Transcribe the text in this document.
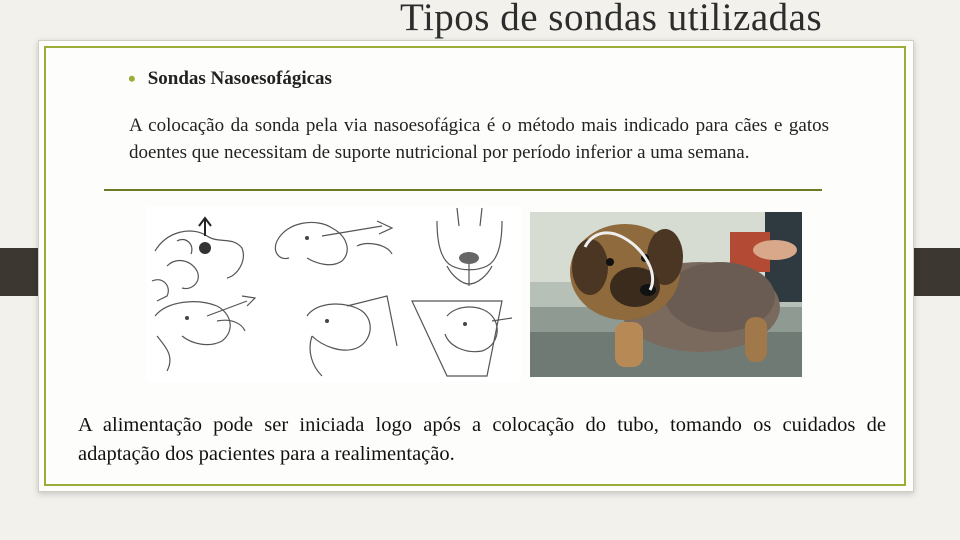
Tipos de sondas utilizadas
• Sondas Nasoesofágicas
A colocação da sonda pela via nasoesofágica é o método mais indicado para cães e gatos doentes que necessitam de suporte nutricional por período inferior a uma semana.
A alimentação pode ser iniciada logo após a colocação do tubo, tomando os cuidados de adaptação dos pacientes para a realimentação.
